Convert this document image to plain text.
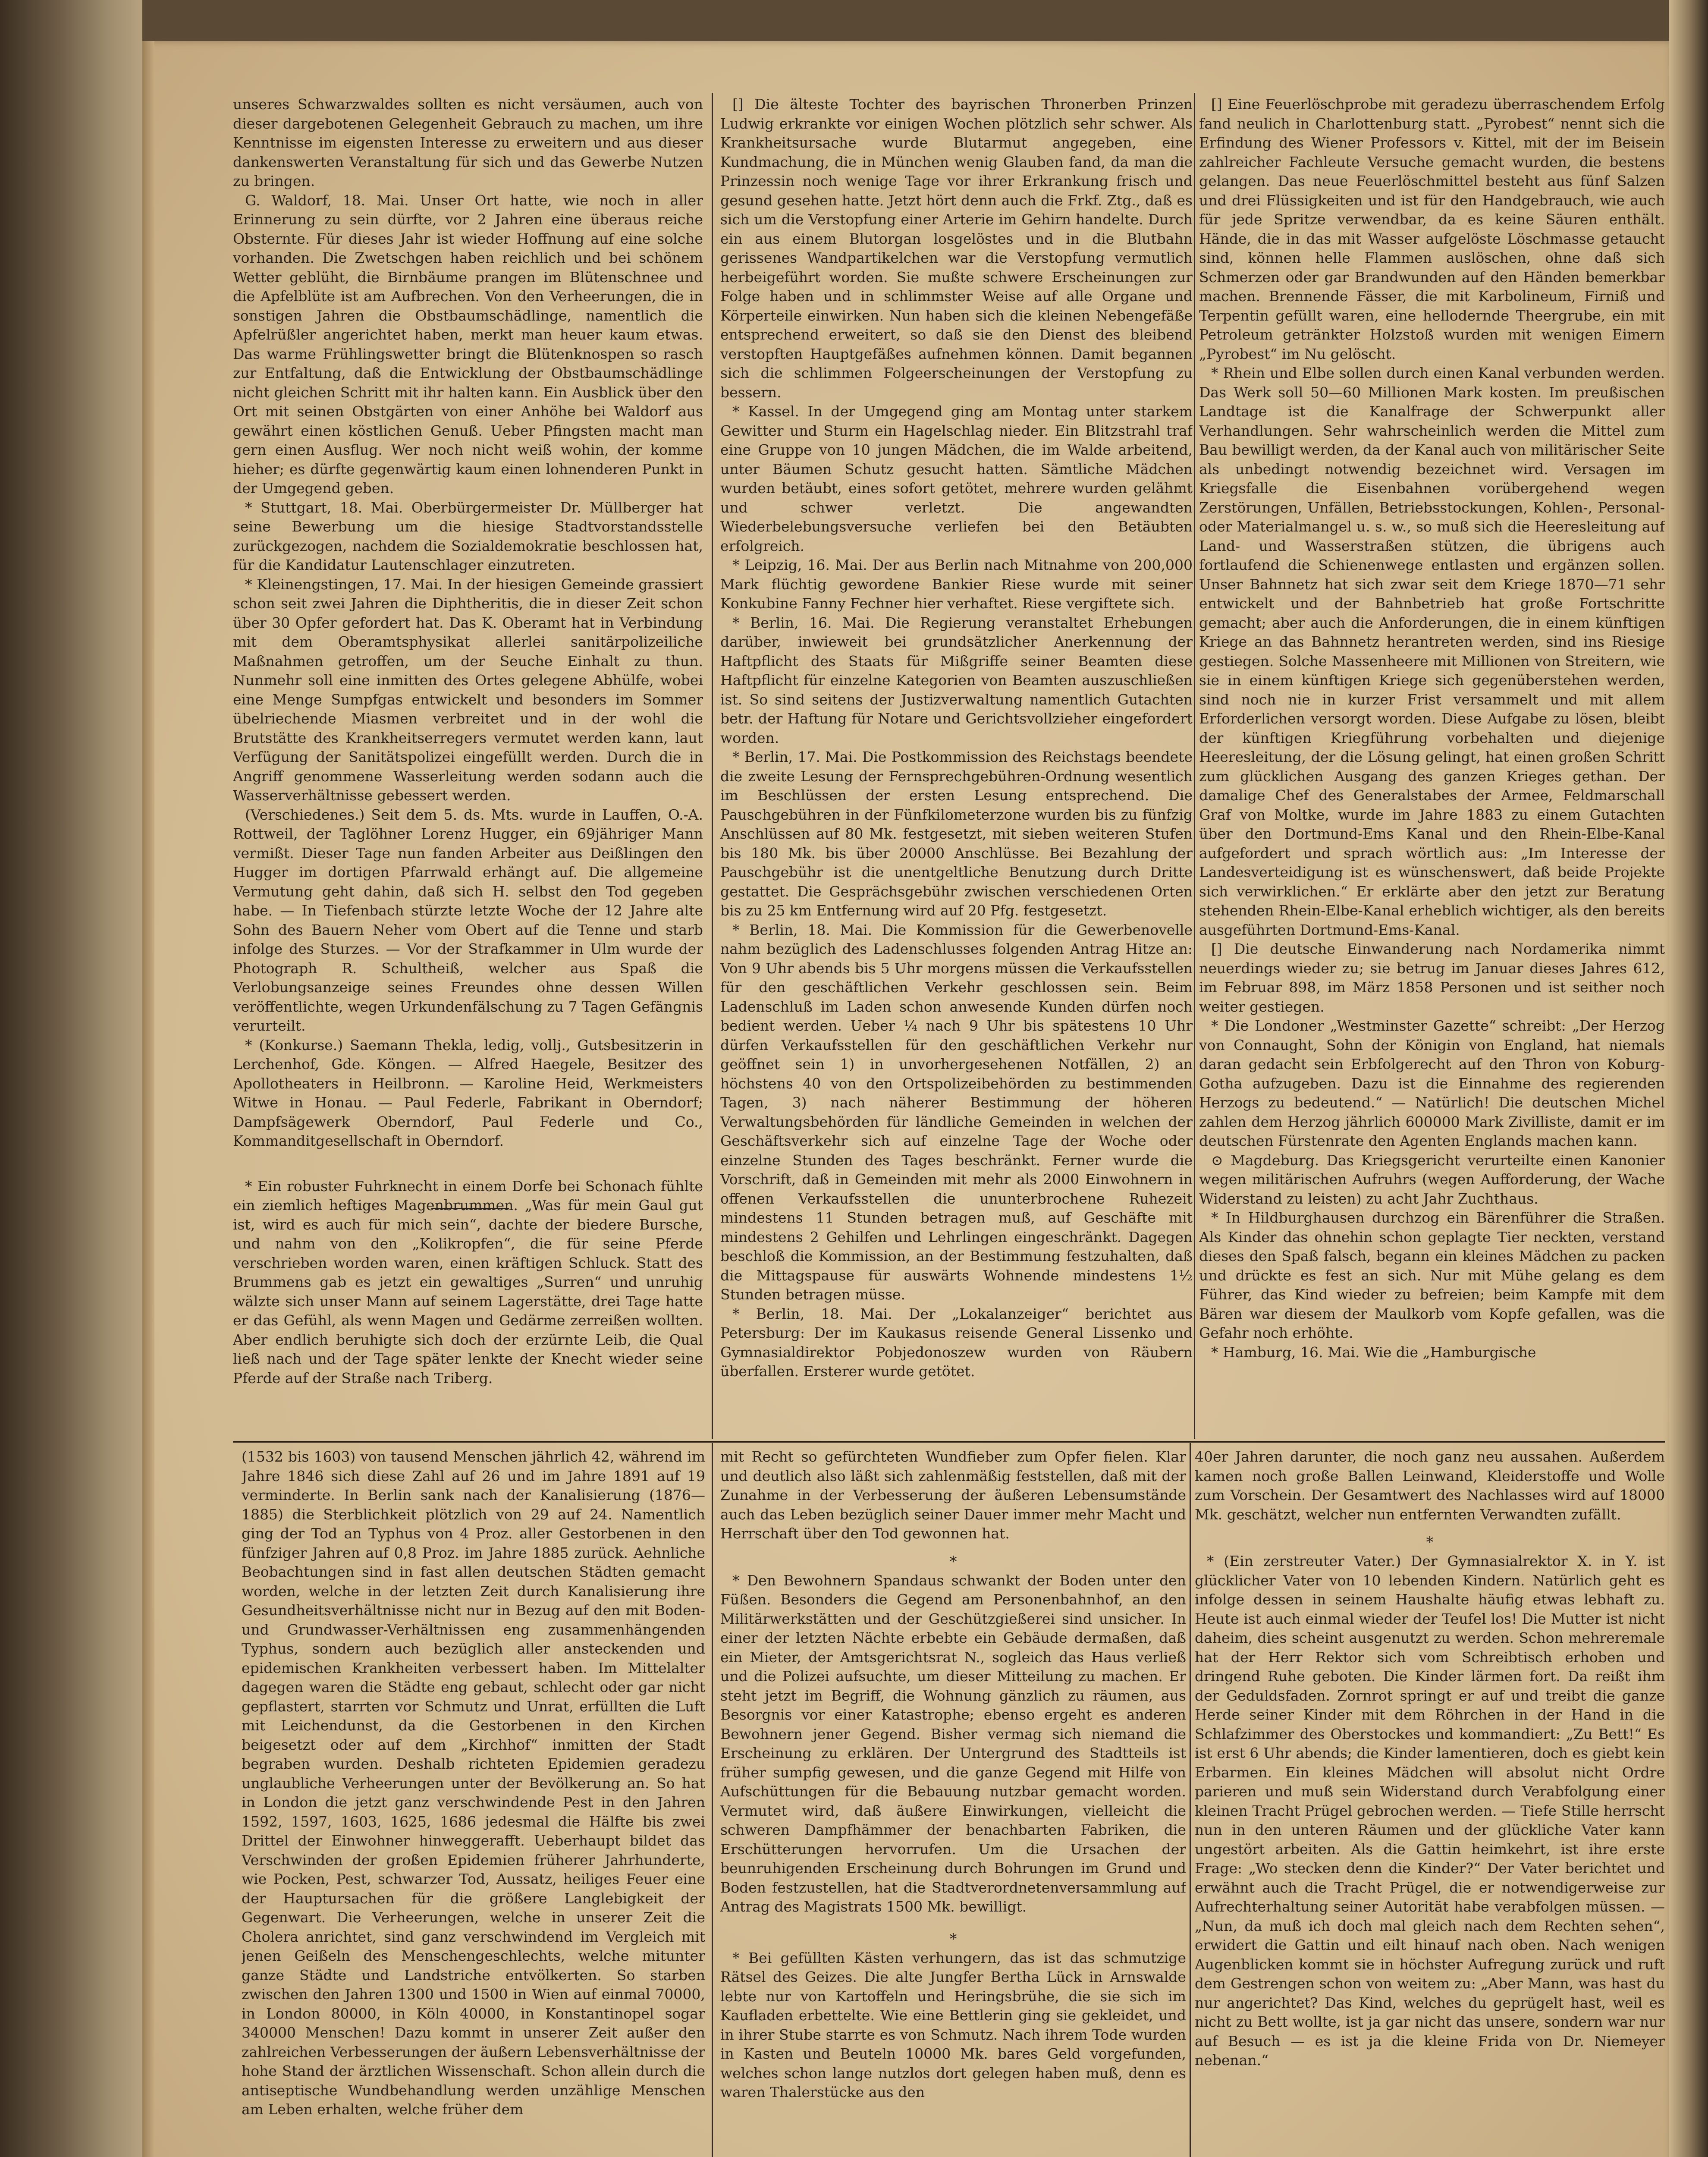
unseres Schwarzwaldes sollten es nicht versäumen, auch von dieser dargebotenen Gelegenheit Gebrauch zu machen, um ihre Kenntnisse im eigensten Interesse zu erweitern und aus dieser dankenswerten Veranstaltung für sich und das Gewerbe Nutzen zu bringen.

G. Waldorf, 18. Mai. Unser Ort hatte, wie noch in aller Erinnerung zu sein dürfte, vor 2 Jahren eine überaus reiche Obsternte. Für dieses Jahr ist wieder Hoffnung auf eine solche vorhanden. Die Zwetschgen haben reichlich und bei schönem Wetter geblüht, die Birnbäume prangen im Blütenschnee und die Apfelblüte ist am Aufbrechen. Von den Verheerungen, die in sonstigen Jahren die Obstbaumschädlinge, namentlich die Apfelrüßler angerichtet haben, merkt man heuer kaum etwas. Das warme Frühlingswetter bringt die Blütenknospen so rasch zur Entfaltung, daß die Entwicklung der Obstbaumschädlinge nicht gleichen Schritt mit ihr halten kann. Ein Ausblick über den Ort mit seinen Obstgärten von einer Anhöhe bei Waldorf aus gewährt einen köstlichen Genuß. Ueber Pfingsten macht man gern einen Ausflug. Wer noch nicht weiß wohin, der komme hieher; es dürfte gegenwärtig kaum einen lohnenderen Punkt in der Umgegend geben.

* Stuttgart, 18. Mai. Oberbürgermeister Dr. Müllberger hat seine Bewerbung um die hiesige Stadtvorstandsstelle zurückgezogen, nachdem die Sozialdemokratie beschlossen hat, für die Kandidatur Lautenschlager einzutreten.

* Kleinengstingen, 17. Mai. In der hiesigen Gemeinde grassiert schon seit zwei Jahren die Diphtheritis, die in dieser Zeit schon über 30 Opfer gefordert hat. Das K. Oberamt hat in Verbindung mit dem Oberamtsphysikat allerlei sanitärpolizeiliche Maßnahmen getroffen, um der Seuche Einhalt zu thun. Nunmehr soll eine inmitten des Ortes gelegene Abhülfe, wobei eine Menge Sumpfgas entwickelt und besonders im Sommer übelriechende Miasmen verbreitet und in der wohl die Brutstätte des Krankheitserregers vermutet werden kann, laut Verfügung der Sanitätspolizei eingefüllt werden. Durch die in Angriff genommene Wasserleitung werden sodann auch die Wasserverhältnisse gebessert werden.

(Verschiedenes.) Seit dem 5. ds. Mts. wurde in Lauffen, O.-A. Rottweil, der Taglöhner Lorenz Hugger, ein 69jähriger Mann vermißt. Dieser Tage nun fanden Arbeiter aus Deißlingen den Hugger im dortigen Pfarrwald erhängt auf. Die allgemeine Vermutung geht dahin, daß sich H. selbst den Tod gegeben habe. — In Tiefenbach stürzte letzte Woche der 12 Jahre alte Sohn des Bauern Neher vom Obert auf die Tenne und starb infolge des Sturzes. — Vor der Strafkammer in Ulm wurde der Photograph R. Schultheiß, welcher aus Spaß die Verlobungsanzeige seines Freundes ohne dessen Willen veröffentlichte, wegen Urkundenfälschung zu 7 Tagen Gefängnis verurteilt.

* (Konkurse.) Saemann Thekla, ledig, vollj., Gutsbesitzerin in Lerchenhof, Gde. Köngen. — Alfred Haegele, Besitzer des Apollotheaters in Heilbronn. — Karoline Heid, Werkmeisters Witwe in Honau. — Paul Federle, Fabrikant in Oberndorf; Dampfsägewerk Oberndorf, Paul Federle und Co., Kommanditgesellschaft in Oberndorf.

* Ein robuster Fuhrknecht in einem Dorfe bei Schonach fühlte ein ziemlich heftiges Magenbrummen. „Was für mein Gaul gut ist, wird es auch für mich sein“, dachte der biedere Bursche, und nahm von den „Kolikropfen“, die für seine Pferde verschrieben worden waren, einen kräftigen Schluck. Statt des Brummens gab es jetzt ein gewaltiges „Surren“ und unruhig wälzte sich unser Mann auf seinem Lagerstätte, drei Tage hatte er das Gefühl, als wenn Magen und Gedärme zerreißen wollten. Aber endlich beruhigte sich doch der erzürnte Leib, die Qual ließ nach und der Tage später lenkte der Knecht wieder seine Pferde auf der Straße nach Triberg.

[] Die älteste Tochter des bayrischen Thronerben Prinzen Ludwig erkrankte vor einigen Wochen plötzlich sehr schwer. Als Krankheitsursache wurde Blutarmut angegeben, eine Kundmachung, die in München wenig Glauben fand, da man die Prinzessin noch wenige Tage vor ihrer Erkrankung frisch und gesund gesehen hatte. Jetzt hört denn auch die Frkf. Ztg., daß es sich um die Verstopfung einer Arterie im Gehirn handelte. Durch ein aus einem Blutorgan losgelöstes und in die Blutbahn gerissenes Wandpartikelchen war die Verstopfung vermutlich herbeigeführt worden. Sie mußte schwere Erscheinungen zur Folge haben und in schlimmster Weise auf alle Organe und Körperteile einwirken. Nun haben sich die kleinen Nebengefäße entsprechend erweitert, so daß sie den Dienst des bleibend verstopften Hauptgefäßes aufnehmen können. Damit begannen sich die schlimmen Folgeerscheinungen der Verstopfung zu bessern.

* Kassel. In der Umgegend ging am Montag unter starkem Gewitter und Sturm ein Hagelschlag nieder. Ein Blitzstrahl traf eine Gruppe von 10 jungen Mädchen, die im Walde arbeitend, unter Bäumen Schutz gesucht hatten. Sämtliche Mädchen wurden betäubt, eines sofort getötet, mehrere wurden gelähmt und schwer verletzt. Die angewandten Wiederbelebungsversuche verliefen bei den Betäubten erfolgreich.

* Leipzig, 16. Mai. Der aus Berlin nach Mitnahme von 200,000 Mark flüchtig gewordene Bankier Riese wurde mit seiner Konkubine Fanny Fechner hier verhaftet. Riese vergiftete sich.

* Berlin, 16. Mai. Die Regierung veranstaltet Erhebungen darüber, inwieweit bei grundsätzlicher Anerkennung der Haftpflicht des Staats für Mißgriffe seiner Beamten diese Haftpflicht für einzelne Kategorien von Beamten auszuschließen ist. So sind seitens der Justizverwaltung namentlich Gutachten betr. der Haftung für Notare und Gerichtsvollzieher eingefordert worden.

* Berlin, 17. Mai. Die Postkommission des Reichstags beendete die zweite Lesung der Fernsprechgebühren-Ordnung wesentlich im Beschlüssen der ersten Lesung entsprechend. Die Pauschgebühren in der Fünfkilometerzone wurden bis zu fünfzig Anschlüssen auf 80 Mk. festgesetzt, mit sieben weiteren Stufen bis 180 Mk. bis über 20000 Anschlüsse. Bei Bezahlung der Pauschgebühr ist die unentgeltliche Benutzung durch Dritte gestattet. Die Gesprächsgebühr zwischen verschiedenen Orten bis zu 25 km Entfernung wird auf 20 Pfg. festgesetzt.

* Berlin, 18. Mai. Die Kommission für die Gewerbenovelle nahm bezüglich des Ladenschlusses folgenden Antrag Hitze an: Von 9 Uhr abends bis 5 Uhr morgens müssen die Verkaufsstellen für den geschäftlichen Verkehr geschlossen sein. Beim Ladenschluß im Laden schon anwesende Kunden dürfen noch bedient werden. Ueber ¼ nach 9 Uhr bis spätestens 10 Uhr dürfen Verkaufsstellen für den geschäftlichen Verkehr nur geöffnet sein 1) in unvorhergesehenen Notfällen, 2) an höchstens 40 von den Ortspolizeibehörden zu bestimmenden Tagen, 3) nach näherer Bestimmung der höheren Verwaltungsbehörden für ländliche Gemeinden in welchen der Geschäftsverkehr sich auf einzelne Tage der Woche oder einzelne Stunden des Tages beschränkt. Ferner wurde die Vorschrift, daß in Gemeinden mit mehr als 2000 Einwohnern in offenen Verkaufsstellen die ununterbrochene Ruhezeit mindestens 11 Stunden betragen muß, auf Geschäfte mit mindestens 2 Gehilfen und Lehrlingen eingeschränkt. Dagegen beschloß die Kommission, an der Bestimmung festzuhalten, daß die Mittagspause für auswärts Wohnende mindestens 1½ Stunden betragen müsse.

* Berlin, 18. Mai. Der „Lokalanzeiger“ berichtet aus Petersburg: Der im Kaukasus reisende General Lissenko und Gymnasialdirektor Pobjedonoszew wurden von Räubern überfallen. Ersterer wurde getötet.

[] Eine Feuerlöschprobe mit geradezu überraschendem Erfolg fand neulich in Charlottenburg statt. „Pyrobest“ nennt sich die Erfindung des Wiener Professors v. Kittel, mit der im Beisein zahlreicher Fachleute Versuche gemacht wurden, die bestens gelangen. Das neue Feuerlöschmittel besteht aus fünf Salzen und drei Flüssigkeiten und ist für den Handgebrauch, wie auch für jede Spritze verwendbar, da es keine Säuren enthält. Hände, die in das mit Wasser aufgelöste Löschmasse getaucht sind, können helle Flammen auslöschen, ohne daß sich Schmerzen oder gar Brandwunden auf den Händen bemerkbar machen. Brennende Fässer, die mit Karbolineum, Firniß und Terpentin gefüllt waren, eine hellodernde Theergrube, ein mit Petroleum getränkter Holzstoß wurden mit wenigen Eimern „Pyrobest“ im Nu gelöscht.

* Rhein und Elbe sollen durch einen Kanal verbunden werden. Das Werk soll 50—60 Millionen Mark kosten. Im preußischen Landtage ist die Kanalfrage der Schwerpunkt aller Verhandlungen. Sehr wahrscheinlich werden die Mittel zum Bau bewilligt werden, da der Kanal auch von militärischer Seite als unbedingt notwendig bezeichnet wird. Versagen im Kriegsfalle die Eisenbahnen vorübergehend wegen Zerstörungen, Unfällen, Betriebsstockungen, Kohlen-, Personal- oder Materialmangel u. s. w., so muß sich die Heeresleitung auf Land- und Wasserstraßen stützen, die übrigens auch fortlaufend die Schienenwege entlasten und ergänzen sollen. Unser Bahnnetz hat sich zwar seit dem Kriege 1870—71 sehr entwickelt und der Bahnbetrieb hat große Fortschritte gemacht; aber auch die Anforderungen, die in einem künftigen Kriege an das Bahnnetz herantreten werden, sind ins Riesige gestiegen. Solche Massenheere mit Millionen von Streitern, wie sie in einem künftigen Kriege sich gegenüberstehen werden, sind noch nie in kurzer Frist versammelt und mit allem Erforderlichen versorgt worden. Diese Aufgabe zu lösen, bleibt der künftigen Kriegführung vorbehalten und diejenige Heeresleitung, der die Lösung gelingt, hat einen großen Schritt zum glücklichen Ausgang des ganzen Krieges gethan. Der damalige Chef des Generalstabes der Armee, Feldmarschall Graf von Moltke, wurde im Jahre 1883 zu einem Gutachten über den Dortmund-Ems Kanal und den Rhein-Elbe-Kanal aufgefordert und sprach wörtlich aus: „Im Interesse der Landesverteidigung ist es wünschenswert, daß beide Projekte sich verwirklichen.“ Er erklärte aber den jetzt zur Beratung stehenden Rhein-Elbe-Kanal erheblich wichtiger, als den bereits ausgeführten Dortmund-Ems-Kanal.

[] Die deutsche Einwanderung nach Nordamerika nimmt neuerdings wieder zu; sie betrug im Januar dieses Jahres 612, im Februar 898, im März 1858 Personen und ist seither noch weiter gestiegen.

* Die Londoner „Westminster Gazette“ schreibt: „Der Herzog von Connaught, Sohn der Königin von England, hat niemals daran gedacht sein Erbfolgerecht auf den Thron von Koburg-Gotha aufzugeben. Dazu ist die Einnahme des regierenden Herzogs zu bedeutend.“ — Natürlich! Die deutschen Michel zahlen dem Herzog jährlich 600000 Mark Zivilliste, damit er im deutschen Fürstenrate den Agenten Englands machen kann.

⊙ Magdeburg. Das Kriegsgericht verurteilte einen Kanonier wegen militärischen Aufruhrs (wegen Aufforderung, der Wache Widerstand zu leisten) zu acht Jahr Zuchthaus.

* In Hildburghausen durchzog ein Bärenführer die Straßen. Als Kinder das ohnehin schon geplagte Tier neckten, verstand dieses den Spaß falsch, begann ein kleines Mädchen zu packen und drückte es fest an sich. Nur mit Mühe gelang es dem Führer, das Kind wieder zu befreien; beim Kampfe mit dem Bären war diesem der Maulkorb vom Kopfe gefallen, was die Gefahr noch erhöhte.

* Hamburg, 16. Mai. Wie die „Hamburgische

(1532 bis 1603) von tausend Menschen jährlich 42, während im Jahre 1846 sich diese Zahl auf 26 und im Jahre 1891 auf 19 verminderte. In Berlin sank nach der Kanalisierung (1876—1885) die Sterblichkeit plötzlich von 29 auf 24. Namentlich ging der Tod an Typhus von 4 Proz. aller Gestorbenen in den fünfziger Jahren auf 0,8 Proz. im Jahre 1885 zurück. Aehnliche Beobachtungen sind in fast allen deutschen Städten gemacht worden, welche in der letzten Zeit durch Kanalisierung ihre Gesundheitsverhältnisse nicht nur in Bezug auf den mit Boden- und Grundwasser-Verhältnissen eng zusammenhängenden Typhus, sondern auch bezüglich aller ansteckenden und epidemischen Krankheiten verbessert haben. Im Mittelalter dagegen waren die Städte eng gebaut, schlecht oder gar nicht gepflastert, starrten vor Schmutz und Unrat, erfüllten die Luft mit Leichendunst, da die Gestorbenen in den Kirchen beigesetzt oder auf dem „Kirchhof“ inmitten der Stadt begraben wurden. Deshalb richteten Epidemien geradezu unglaubliche Verheerungen unter der Bevölkerung an. So hat in London die jetzt ganz verschwindende Pest in den Jahren 1592, 1597, 1603, 1625, 1686 jedesmal die Hälfte bis zwei Drittel der Einwohner hinweggerafft. Ueberhaupt bildet das Verschwinden der großen Epidemien früherer Jahrhunderte, wie Pocken, Pest, schwarzer Tod, Aussatz, heiliges Feuer eine der Hauptursachen für die größere Langlebigkeit der Gegenwart. Die Verheerungen, welche in unserer Zeit die Cholera anrichtet, sind ganz verschwindend im Vergleich mit jenen Geißeln des Menschengeschlechts, welche mitunter ganze Städte und Landstriche entvölkerten. So starben zwischen den Jahren 1300 und 1500 in Wien auf einmal 70000, in London 80000, in Köln 40000, in Konstantinopel sogar 340000 Menschen! Dazu kommt in unserer Zeit außer den zahlreichen Verbesserungen der äußern Lebensverhältnisse der hohe Stand der ärztlichen Wissenschaft. Schon allein durch die antiseptische Wundbehandlung werden unzählige Menschen am Leben erhalten, welche früher dem

mit Recht so gefürchteten Wundfieber zum Opfer fielen. Klar und deutlich also läßt sich zahlenmäßig feststellen, daß mit der Zunahme in der Verbesserung der äußeren Lebensumstände auch das Leben bezüglich seiner Dauer immer mehr Macht und Herrschaft über den Tod gewonnen hat.

*

* Den Bewohnern Spandaus schwankt der Boden unter den Füßen. Besonders die Gegend am Personenbahnhof, an den Militärwerkstätten und der Geschützgießerei sind unsicher. In einer der letzten Nächte erbebte ein Gebäude dermaßen, daß ein Mieter, der Amtsgerichtsrat N., sogleich das Haus verließ und die Polizei aufsuchte, um dieser Mitteilung zu machen. Er steht jetzt im Begriff, die Wohnung gänzlich zu räumen, aus Besorgnis vor einer Katastrophe; ebenso ergeht es anderen Bewohnern jener Gegend. Bisher vermag sich niemand die Erscheinung zu erklären. Der Untergrund des Stadtteils ist früher sumpfig gewesen, und die ganze Gegend mit Hilfe von Aufschüttungen für die Bebauung nutzbar gemacht worden. Vermutet wird, daß äußere Einwirkungen, vielleicht die schweren Dampfhämmer der benachbarten Fabriken, die Erschütterungen hervorrufen. Um die Ursachen der beunruhigenden Erscheinung durch Bohrungen im Grund und Boden festzustellen, hat die Stadtverordnetenversammlung auf Antrag des Magistrats 1500 Mk. bewilligt.

*

* Bei gefüllten Kästen verhungern, das ist das schmutzige Rätsel des Geizes. Die alte Jungfer Bertha Lück in Arnswalde lebte nur von Kartoffeln und Heringsbrühe, die sie sich im Kaufladen erbettelte. Wie eine Bettlerin ging sie gekleidet, und in ihrer Stube starrte es von Schmutz. Nach ihrem Tode wurden in Kasten und Beuteln 10000 Mk. bares Geld vorgefunden, welches schon lange nutzlos dort gelegen haben muß, denn es waren Thalerstücke aus den

40er Jahren darunter, die noch ganz neu aussahen. Außerdem kamen noch große Ballen Leinwand, Kleiderstoffe und Wolle zum Vorschein. Der Gesamtwert des Nachlasses wird auf 18000 Mk. geschätzt, welcher nun entfernten Verwandten zufällt.

*

* (Ein zerstreuter Vater.) Der Gymnasialrektor X. in Y. ist glücklicher Vater von 10 lebenden Kindern. Natürlich geht es infolge dessen in seinem Haushalte häufig etwas lebhaft zu. Heute ist auch einmal wieder der Teufel los! Die Mutter ist nicht daheim, dies scheint ausgenutzt zu werden. Schon mehreremale hat der Herr Rektor sich vom Schreibtisch erhoben und dringend Ruhe geboten. Die Kinder lärmen fort. Da reißt ihm der Geduldsfaden. Zornrot springt er auf und treibt die ganze Herde seiner Kinder mit dem Röhrchen in der Hand in die Schlafzimmer des Oberstockes und kommandiert: „Zu Bett!“ Es ist erst 6 Uhr abends; die Kinder lamentieren, doch es giebt kein Erbarmen. Ein kleines Mädchen will absolut nicht Ordre parieren und muß sein Widerstand durch Verabfolgung einer kleinen Tracht Prügel gebrochen werden. — Tiefe Stille herrscht nun in den unteren Räumen und der glückliche Vater kann ungestört arbeiten. Als die Gattin heimkehrt, ist ihre erste Frage: „Wo stecken denn die Kinder?“ Der Vater berichtet und erwähnt auch die Tracht Prügel, die er notwendigerweise zur Aufrechterhaltung seiner Autorität habe verabfolgen müssen. — „Nun, da muß ich doch mal gleich nach dem Rechten sehen“, erwidert die Gattin und eilt hinauf nach oben. Nach wenigen Augenblicken kommt sie in höchster Aufregung zurück und ruft dem Gestrengen schon von weitem zu: „Aber Mann, was hast du nur angerichtet? Das Kind, welches du geprügelt hast, weil es nicht zu Bett wollte, ist ja gar nicht das unsere, sondern war nur auf Besuch — es ist ja die kleine Frida von Dr. Niemeyer nebenan.“
